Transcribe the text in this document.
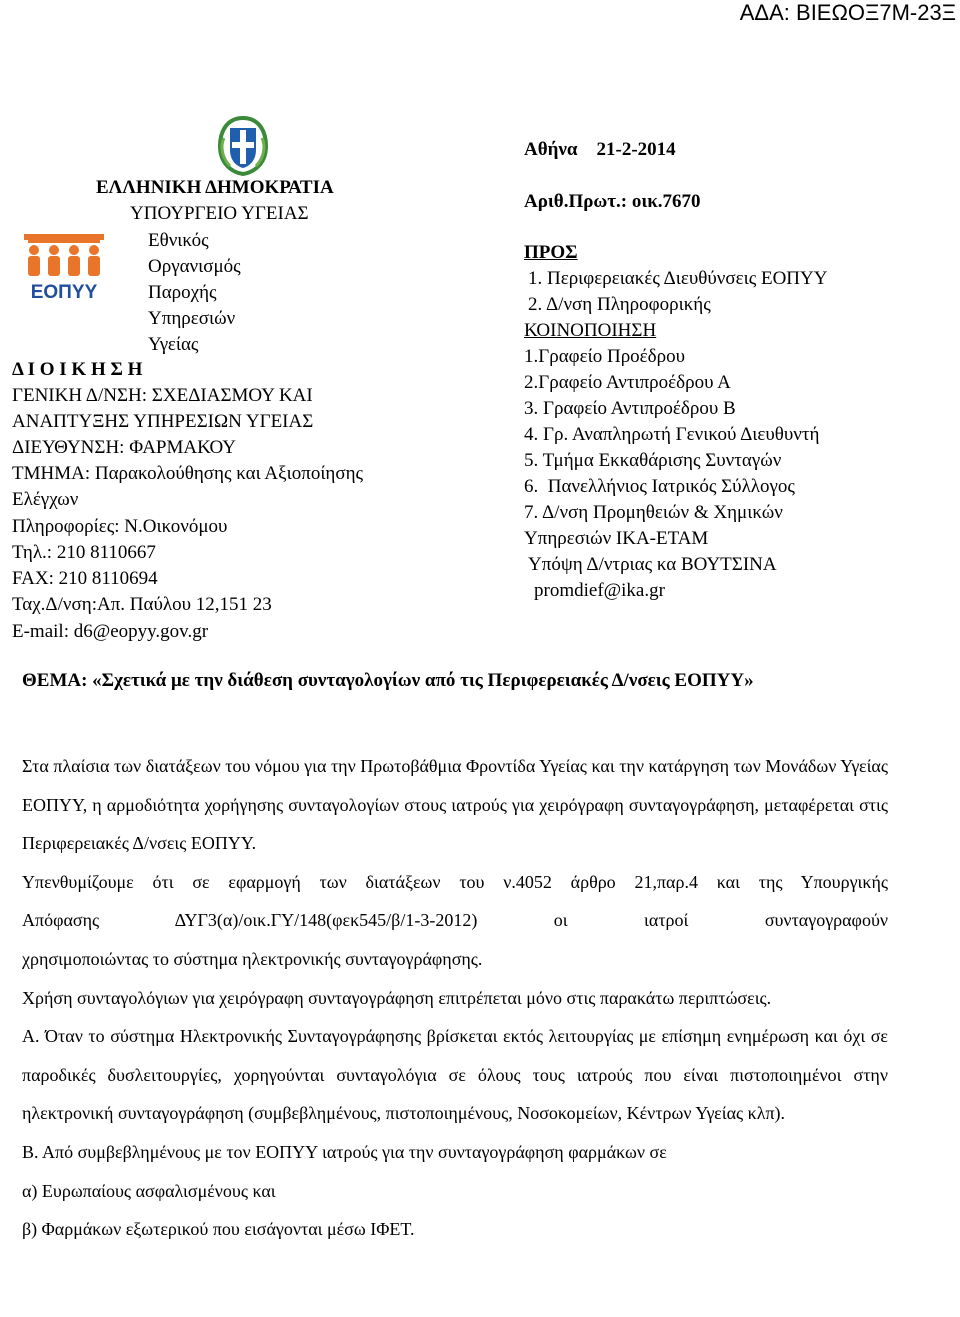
ΑΔΑ: ΒΙΕΩΟΞ7Μ-23Ξ
ΕΟΠΥΥ
ΕΛΛΗΝΙΚΗ ΔΗΜΟΚΡΑΤΙΑ
ΥΠΟΥΡΓΕΙΟ ΥΓΕΙΑΣ
Εθνικός
Οργανισμός
Παροχής
Υπηρεσιών
Υγείας
Δ Ι Ο Ι Κ Η Σ Η
ΓΕΝΙΚΗ Δ/ΝΣΗ: ΣΧΕΔΙΑΣΜΟΥ ΚΑΙ
ΑΝΑΠΤΥΞΗΣ ΥΠΗΡΕΣΙΩΝ ΥΓΕΙΑΣ
ΔΙΕΥΘΥΝΣΗ: ΦΑΡΜΑΚΟΥ
ΤΜΗΜΑ: Παρακολούθησης και Αξιοποίησης
Ελέγχων
Πληροφορίες: Ν.Οικονόμου
Τηλ.: 210 8110667
FAX: 210 8110694
Ταχ.Δ/νση:Απ. Παύλου 12,151 23
E-mail: d6@eopyy.gov.gr
Αθήνα    21-2-2014
Αριθ.Πρωτ.: οικ.7670
ΠΡΟΣ
1. Περιφερειακές Διευθύνσεις ΕΟΠΥΥ
2. Δ/νση Πληροφορικής
ΚΟΙΝΟΠΟΙΗΣΗ
1.Γραφείο Προέδρου
2.Γραφείο Αντιπροέδρου Α
3. Γραφείο Αντιπροέδρου Β
4. Γρ. Αναπληρωτή Γενικού Διευθυντή
5. Τμήμα Εκκαθάρισης Συνταγών
6.  Πανελλήνιος Ιατρικός Σύλλογος
7. Δ/νση Προμηθειών & Χημικών
Υπηρεσιών ΙΚΑ-ΕΤΑΜ
Υπόψη Δ/ντριας κα ΒΟΥΤΣΙΝΑ
promdief@ika.gr
ΘΕΜΑ: «Σχετικά με την διάθεση συνταγολογίων από τις Περιφερειακές Δ/νσεις ΕΟΠΥΥ»
Στα πλαίσια των διατάξεων του νόμου για την Πρωτοβάθμια Φροντίδα Υγείας και την κατάργηση των Μονάδων Υγείας ΕΟΠΥΥ, η αρμοδιότητα χορήγησης συνταγολογίων στους ιατρούς για χειρόγραφη συνταγογράφηση, μεταφέρεται στις Περιφερειακές Δ/νσεις ΕΟΠΥΥ.
Υπενθυμίζουμε ότι σε εφαρμογή των διατάξεων του ν.4052 άρθρο 21,παρ.4 και της Υπουργικής
Απόφασης ΔΥΓ3(α)/οικ.ΓΥ/148(φεκ545/β/1-3-2012) οι ιατροί συνταγογραφούν
χρησιμοποιώντας το σύστημα ηλεκτρονικής συνταγογράφησης.
Χρήση συνταγολόγιων για χειρόγραφη συνταγογράφηση επιτρέπεται μόνο στις παρακάτω περιπτώσεις.
Α. Όταν το σύστημα Ηλεκτρονικής Συνταγογράφησης βρίσκεται εκτός λειτουργίας με επίσημη ενημέρωση και όχι σε παροδικές δυσλειτουργίες, χορηγούνται συνταγολόγια σε όλους τους ιατρούς που είναι πιστοποιημένοι στην ηλεκτρονική συνταγογράφηση (συμβεβλημένους, πιστοποιημένους, Νοσοκομείων, Κέντρων Υγείας κλπ).
Β. Από συμβεβλημένους με τον ΕΟΠΥΥ ιατρούς για την συνταγογράφηση φαρμάκων σε
α) Ευρωπαίους ασφαλισμένους και
β) Φαρμάκων εξωτερικού που εισάγονται μέσω ΙΦΕΤ.
